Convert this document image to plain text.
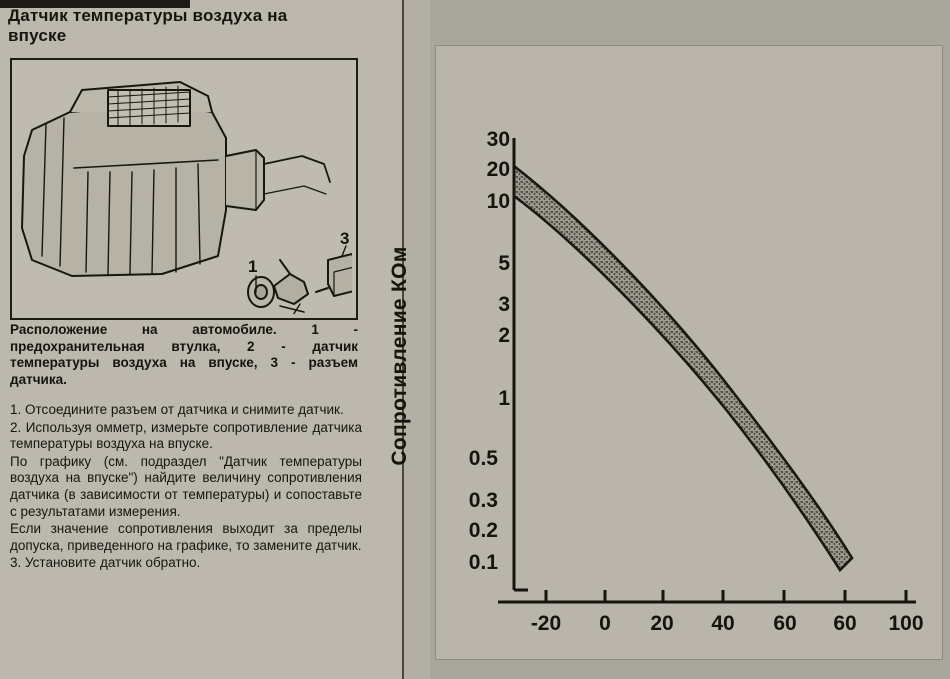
Датчик температуры воздуха на впуске
1
3
Расположение на автомобиле. 1 - предохранительная втулка, 2 - датчик температуры воздуха на впуске, 3 - разъем датчика.

1. Отсоедините разъем от датчика и снимите датчик.

2. Используя омметр, измерьте сопротивление датчика температуры воздуха на впуске.

По графику (см. подраздел "Датчик температуры воздуха на впуске") найдите величину сопротивления датчика (в зависимости от температуры) и сопоставьте с результатами измерения.

Если значение сопротивления выходит за пределы допуска, приведенного на графике, то замените датчик.

3. Установите датчик обратно.

Сопротивление КОм
30
20
10
5
3
2
1
0.5
0.3
0.2
0.1
-20	0	20	40	60	60	100
